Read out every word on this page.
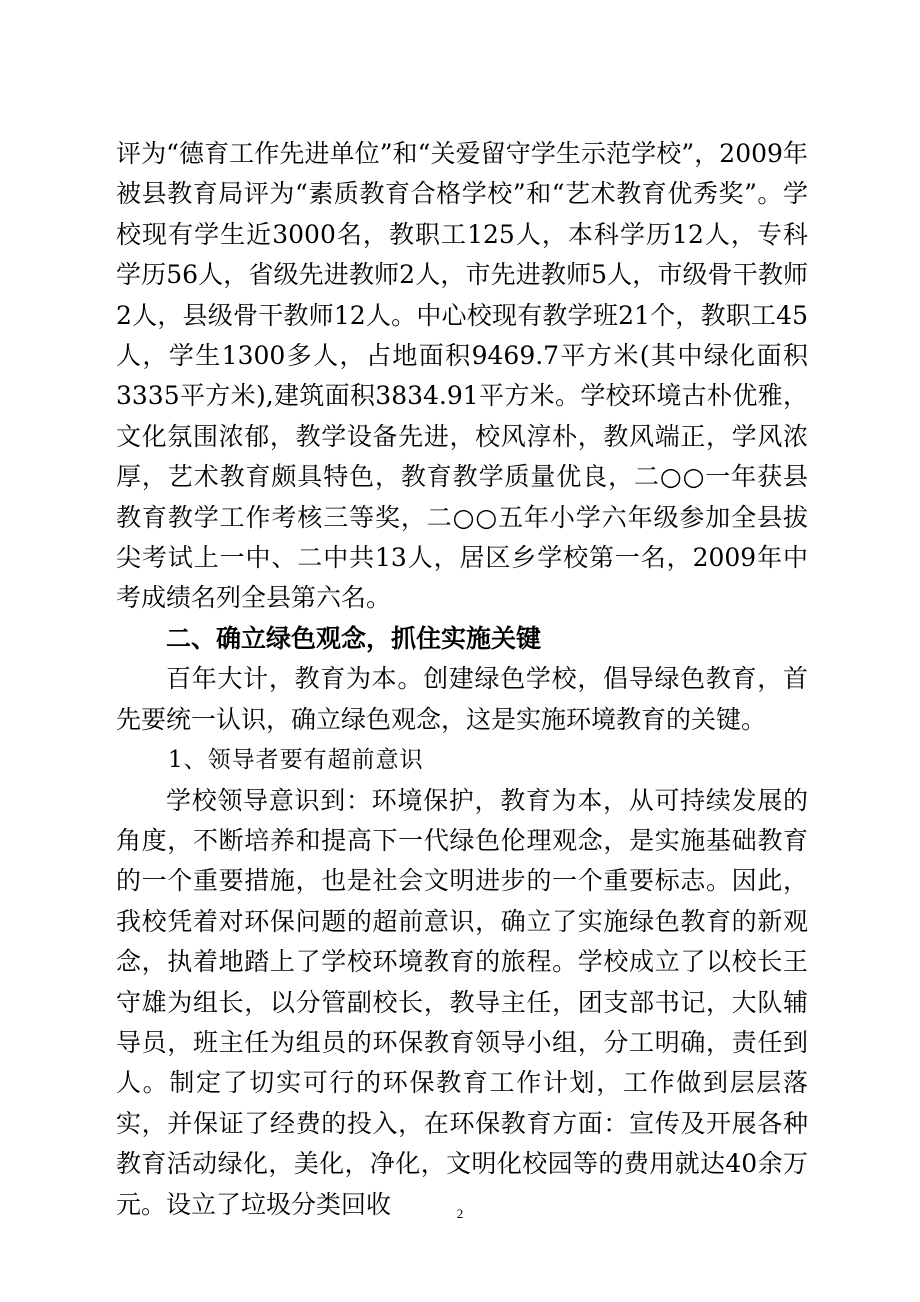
评为“德育工作先进单位”和“关爱留守学生示范学校”，2009年被县教育局评为“素质教育合格学校”和“艺术教育优秀奖”。学校现有学生近3000名，教职工125人，本科学历12人，专科学历56人，省级先进教师2人，市先进教师5人，市级骨干教师2人，县级骨干教师12人。中心校现有教学班21个，教职工45人，学生1300多人，占地面积9469.7平方米(其中绿化面积3335平方米),建筑面积3834.91平方米。学校环境古朴优雅，文化氛围浓郁，教学设备先进，校风淳朴，教风端正，学风浓厚，艺术教育颇具特色，教育教学质量优良，二○○一年获县教育教学工作考核三等奖，二○○五年小学六年级参加全县拔尖考试上一中、二中共13人，居区乡学校第一名，2009年中考成绩名列全县第六名。

二、确立绿色观念，抓住实施关键

百年大计，教育为本。创建绿色学校，倡导绿色教育，首先要统一认识，确立绿色观念，这是实施环境教育的关键。

1、领导者要有超前意识

学校领导意识到：环境保护，教育为本，从可持续发展的角度，不断培养和提高下一代绿色伦理观念，是实施基础教育的一个重要措施，也是社会文明进步的一个重要标志。因此，我校凭着对环保问题的超前意识，确立了实施绿色教育的新观念，执着地踏上了学校环境教育的旅程。学校成立了以校长王守雄为组长，以分管副校长，教导主任，团支部书记，大队辅导员，班主任为组员的环保教育领导小组，分工明确，责任到人。制定了切实可行的环保教育工作计划，工作做到层层落实，并保证了经费的投入，在环保教育方面：宣传及开展各种教育活动绿化，美化，净化，文明化校园等的费用就达40余万元。设立了垃圾分类回收	2
